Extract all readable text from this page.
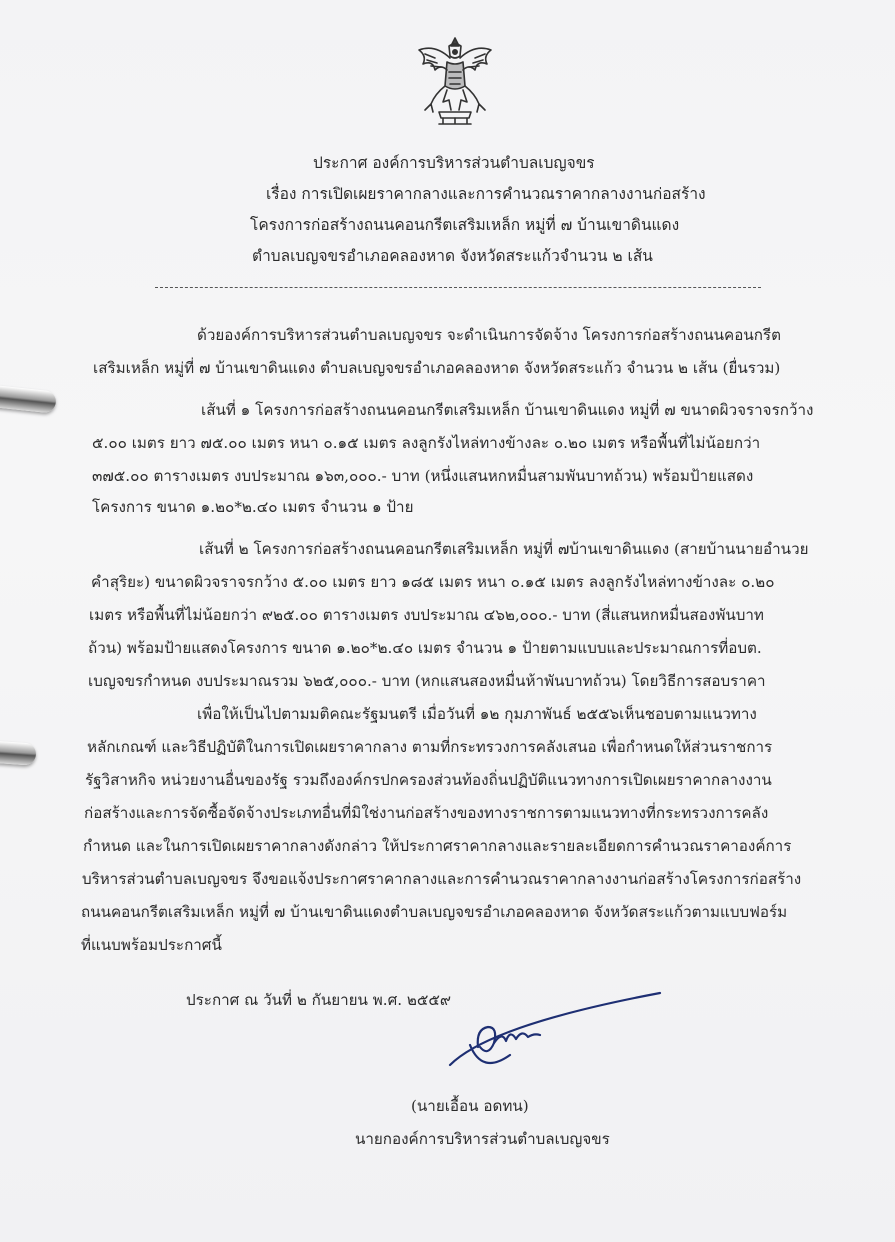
ประกาศ องค์การบริหารส่วนตำบลเบญจขร
เรื่อง การเปิดเผยราคากลางและการคำนวณราคากลางงานก่อสร้าง
โครงการก่อสร้างถนนคอนกรีตเสริมเหล็ก หมู่ที่ ๗ บ้านเขาดินแดง
ตำบลเบญจขรอำเภอคลองหาด จังหวัดสระแก้วจำนวน ๒ เส้น
ด้วยองค์การบริหารส่วนตำบลเบญจขร จะดำเนินการจัดจ้าง โครงการก่อสร้างถนนคอนกรีต
เสริมเหล็ก หมู่ที่ ๗ บ้านเขาดินแดง ตำบลเบญจขรอำเภอคลองหาด จังหวัดสระแก้ว จำนวน ๒ เส้น (ยื่นรวม)
เส้นที่ ๑ โครงการก่อสร้างถนนคอนกรีตเสริมเหล็ก บ้านเขาดินแดง หมู่ที่ ๗ ขนาดผิวจราจรกว้าง
๕.๐๐ เมตร ยาว ๗๕.๐๐ เมตร หนา ๐.๑๕ เมตร ลงลูกรังไหล่ทางข้างละ ๐.๒๐ เมตร หรือพื้นที่ไม่น้อยกว่า
๓๗๕.๐๐ ตารางเมตร งบประมาณ ๑๖๓,๐๐๐.- บาท (หนึ่งแสนหกหมื่นสามพันบาทถ้วน) พร้อมป้ายแสดง
โครงการ ขนาด ๑.๒๐*๒.๔๐ เมตร จำนวน ๑ ป้าย
เส้นที่ ๒ โครงการก่อสร้างถนนคอนกรีตเสริมเหล็ก หมู่ที่ ๗บ้านเขาดินแดง (สายบ้านนายอำนวย
คำสุริยะ) ขนาดผิวจราจรกว้าง ๕.๐๐ เมตร ยาว ๑๘๕ เมตร หนา ๐.๑๕ เมตร ลงลูกรังไหล่ทางข้างละ ๐.๒๐
เมตร หรือพื้นที่ไม่น้อยกว่า ๙๒๕.๐๐ ตารางเมตร งบประมาณ ๔๖๒,๐๐๐.- บาท (สี่แสนหกหมื่นสองพันบาท
ถ้วน) พร้อมป้ายแสดงโครงการ ขนาด ๑.๒๐*๒.๔๐ เมตร จำนวน ๑ ป้ายตามแบบและประมาณการที่อบต.
เบญจขรกำหนด งบประมาณรวม ๖๒๕,๐๐๐.- บาท (หกแสนสองหมื่นห้าพันบาทถ้วน) โดยวิธีการสอบราคา
เพื่อให้เป็นไปตามมติคณะรัฐมนตรี เมื่อวันที่ ๑๒ กุมภาพันธ์ ๒๕๕๖เห็นชอบตามแนวทาง
หลักเกณฑ์ และวิธีปฏิบัติในการเปิดเผยราคากลาง ตามที่กระทรวงการคลังเสนอ เพื่อกำหนดให้ส่วนราชการ
รัฐวิสาหกิจ หน่วยงานอื่นของรัฐ รวมถึงองค์กรปกครองส่วนท้องถิ่นปฏิบัติแนวทางการเปิดเผยราคากลางงาน
ก่อสร้างและการจัดซื้อจัดจ้างประเภทอื่นที่มิใช่งานก่อสร้างของทางราชการตามแนวทางที่กระทรวงการคลัง
กำหนด และในการเปิดเผยราคากลางดังกล่าว ให้ประกาศราคากลางและรายละเอียดการคำนวณราคาองค์การ
บริหารส่วนตำบลเบญจขร จึงขอแจ้งประกาศราคากลางและการคำนวณราคากลางงานก่อสร้างโครงการก่อสร้าง
ถนนคอนกรีตเสริมเหล็ก หมู่ที่ ๗ บ้านเขาดินแดงตำบลเบญจขรอำเภอคลองหาด จังหวัดสระแก้วตามแบบฟอร์ม
ที่แนบพร้อมประกาศนี้
ประกาศ ณ วันที่ ๒ กันยายน พ.ศ. ๒๕๕๙
(นายเอื้อน อดทน)
นายกองค์การบริหารส่วนตำบลเบญจขร
